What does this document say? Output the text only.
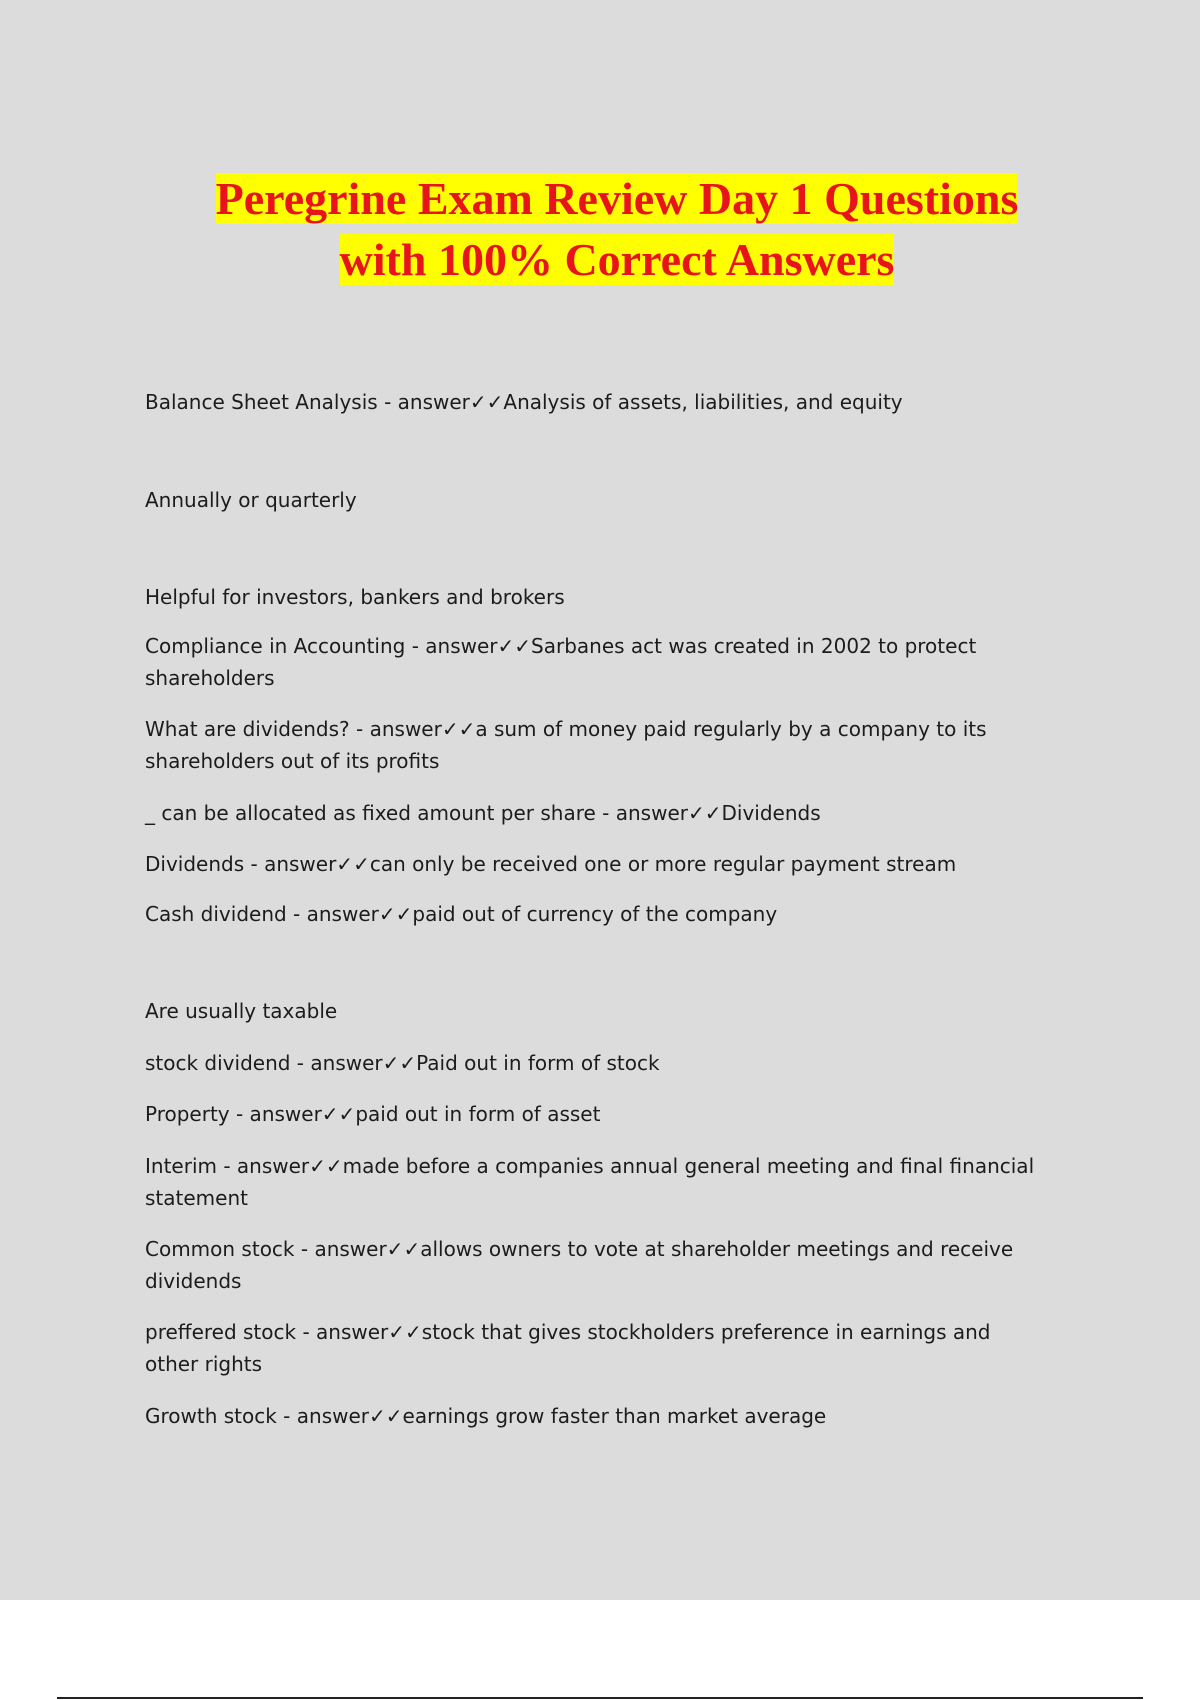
Peregrine Exam Review Day 1 Questions
with 100% Correct Answers
Balance Sheet Analysis - answer✓✓Analysis of assets, liabilities, and equity
Annually or quarterly
Helpful for investors, bankers and brokers
Compliance in Accounting - answer✓✓Sarbanes act was created in 2002 to protect shareholders
What are dividends? - answer✓✓a sum of money paid regularly by a company to its shareholders out of its profits
_ can be allocated as fixed amount per share - answer✓✓Dividends
Dividends - answer✓✓can only be received one or more regular payment stream
Cash dividend - answer✓✓paid out of currency of the company
Are usually taxable
stock dividend - answer✓✓Paid out in form of stock
Property - answer✓✓paid out in form of asset
Interim - answer✓✓made before a companies annual general meeting and final financial statement
Common stock - answer✓✓allows owners to vote at shareholder meetings and receive dividends
preffered stock - answer✓✓stock that gives stockholders preference in earnings and other rights
Growth stock - answer✓✓earnings grow faster than market average
